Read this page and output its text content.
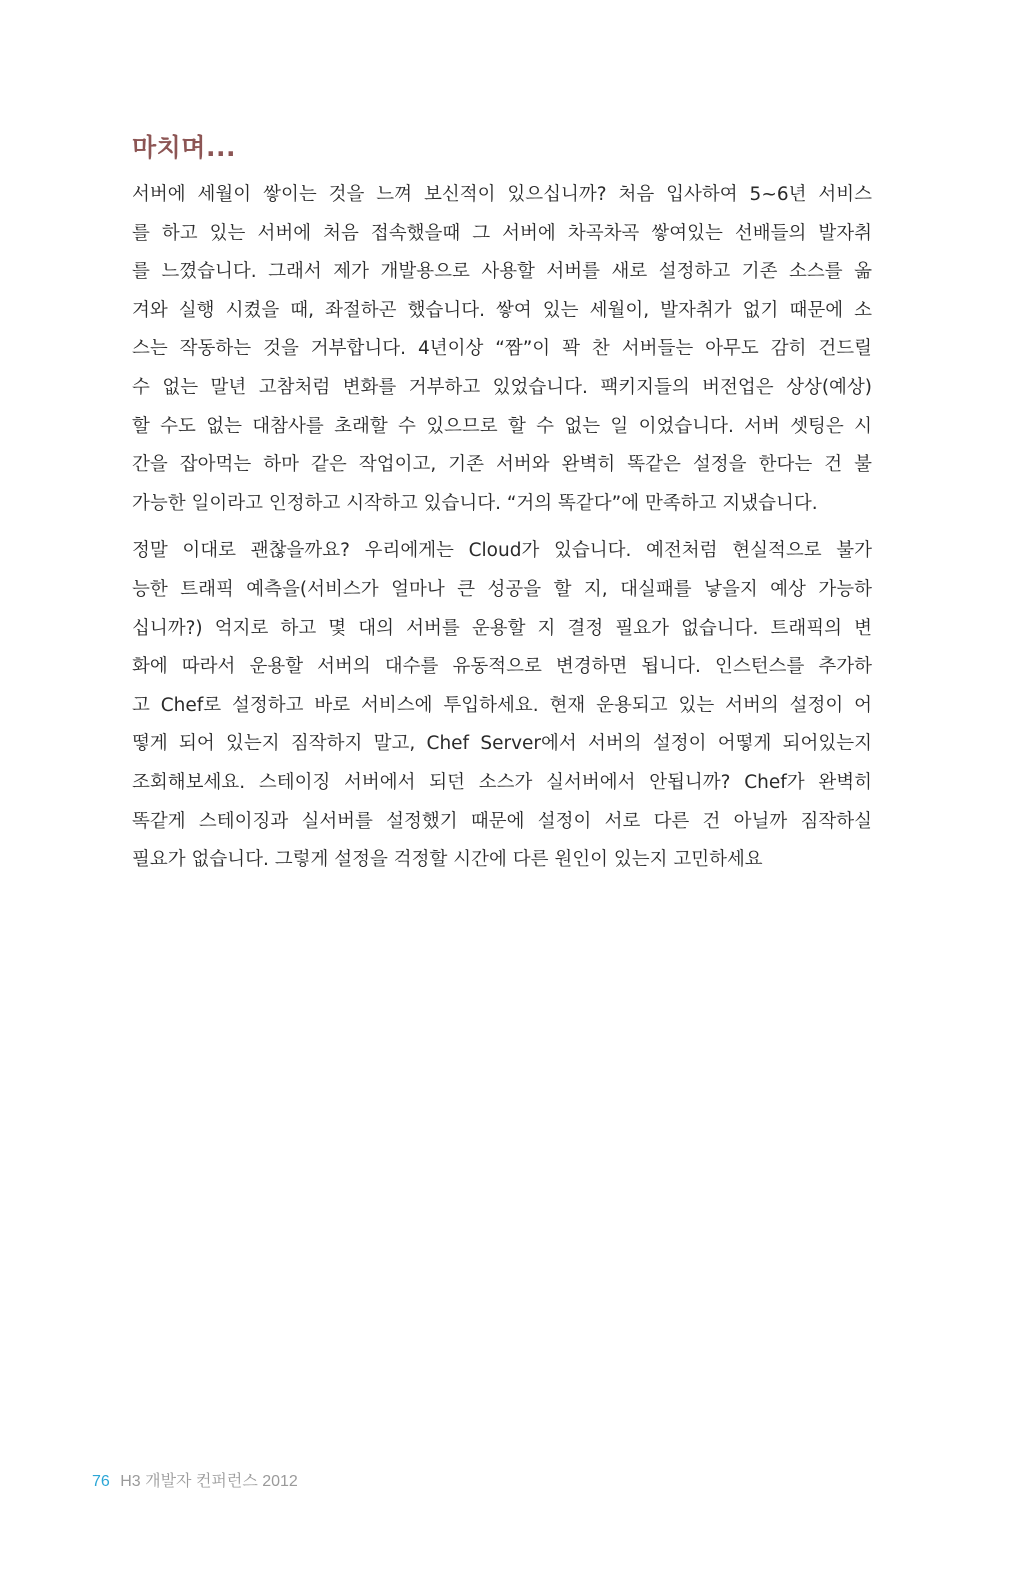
마치며...

서버에 세월이 쌓이는 것을 느껴 보신적이 있으십니까? 처음 입사하여 5~6년 서비스
를 하고 있는 서버에 처음 접속했을때 그 서버에 차곡차곡 쌓여있는 선배들의 발자취
를 느꼈습니다. 그래서 제가 개발용으로 사용할 서버를 새로 설정하고 기존 소스를 옮
겨와 실행 시켰을 때, 좌절하곤 했습니다. 쌓여 있는 세월이, 발자취가 없기 때문에 소
스는 작동하는 것을 거부합니다. 4년이상 “짬”이 꽉 찬 서버들는 아무도 감히 건드릴
수 없는 말년 고참처럼 변화를 거부하고 있었습니다. 팩키지들의 버전업은 상상(예상)
할 수도 없는 대참사를 초래할 수 있으므로 할 수 없는 일 이었습니다. 서버 셋팅은 시
간을 잡아먹는 하마 같은 작업이고, 기존 서버와 완벽히 똑같은 설정을 한다는 건 불
가능한 일이라고 인정하고 시작하고 있습니다. “거의 똑같다”에 만족하고 지냈습니다.

정말 이대로 괜찮을까요? 우리에게는 Cloud가 있습니다. 예전처럼 현실적으로 불가
능한 트래픽 예측을(서비스가 얼마나 큰 성공을 할 지, 대실패를 낳을지 예상 가능하
십니까?) 억지로 하고 몇 대의 서버를 운용할 지 결정 필요가 없습니다. 트래픽의 변
화에 따라서 운용할 서버의 대수를 유동적으로 변경하면 됩니다. 인스턴스를 추가하
고 Chef로 설정하고 바로 서비스에 투입하세요. 현재 운용되고 있는 서버의 설정이 어
떻게 되어 있는지 짐작하지 말고, Chef Server에서 서버의 설정이 어떻게 되어있는지
조회해보세요. 스테이징 서버에서 되던 소스가 실서버에서 안됩니까? Chef가 완벽히
똑같게 스테이징과 실서버를 설정했기 때문에 설정이 서로 다른 건 아닐까 짐작하실
필요가 없습니다. 그렇게 설정을 걱정할 시간에 다른 원인이 있는지 고민하세요

76 H3 개발자 컨퍼런스 2012
